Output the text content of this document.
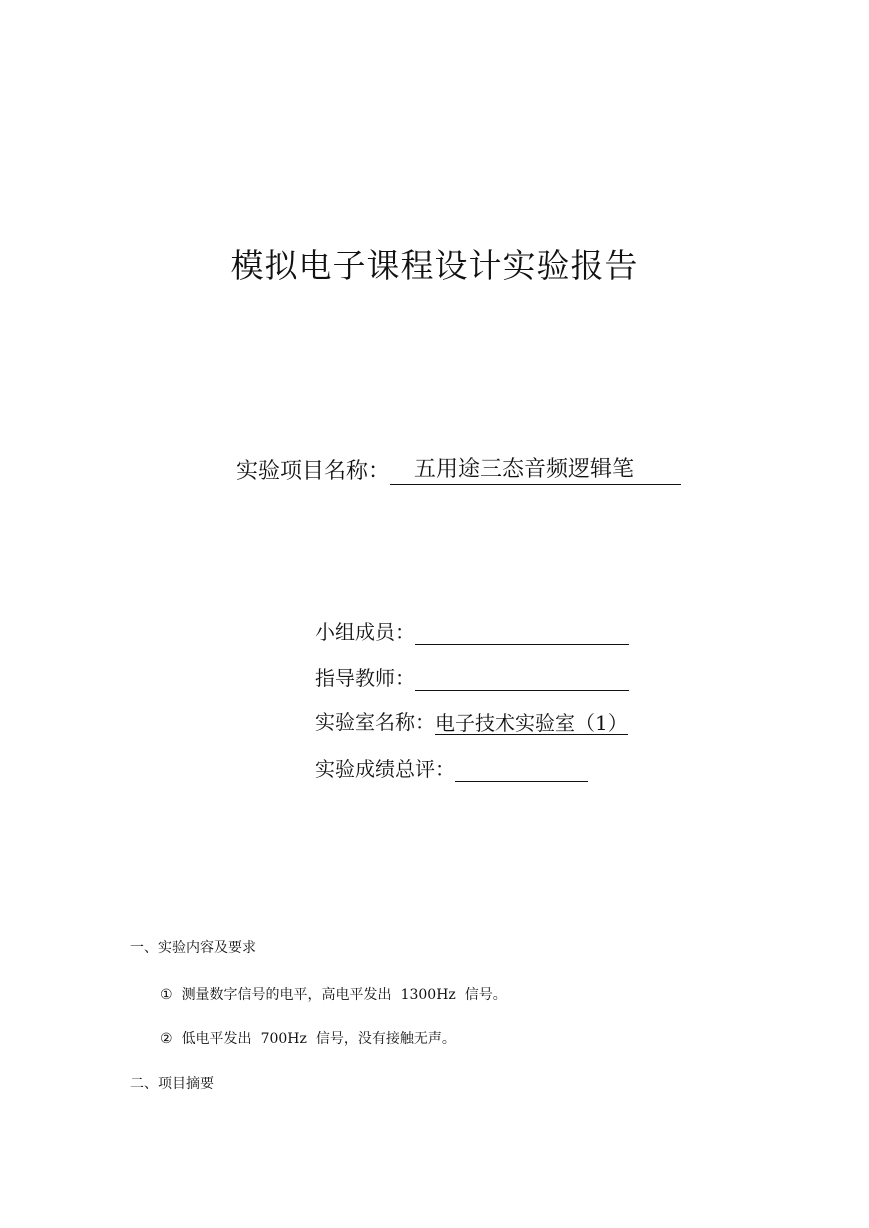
模拟电子课程设计实验报告
实验项目名称：	五用途三态音频逻辑笔
小组成员：
指导教师：
实验室名称： 电子技术实验室（1）
实验成绩总评：
一、实验内容及要求
① 测量数字信号的电平，高电平发出 1300Hz 信号。
② 低电平发出 700Hz 信号，没有接触无声。
二、项目摘要
